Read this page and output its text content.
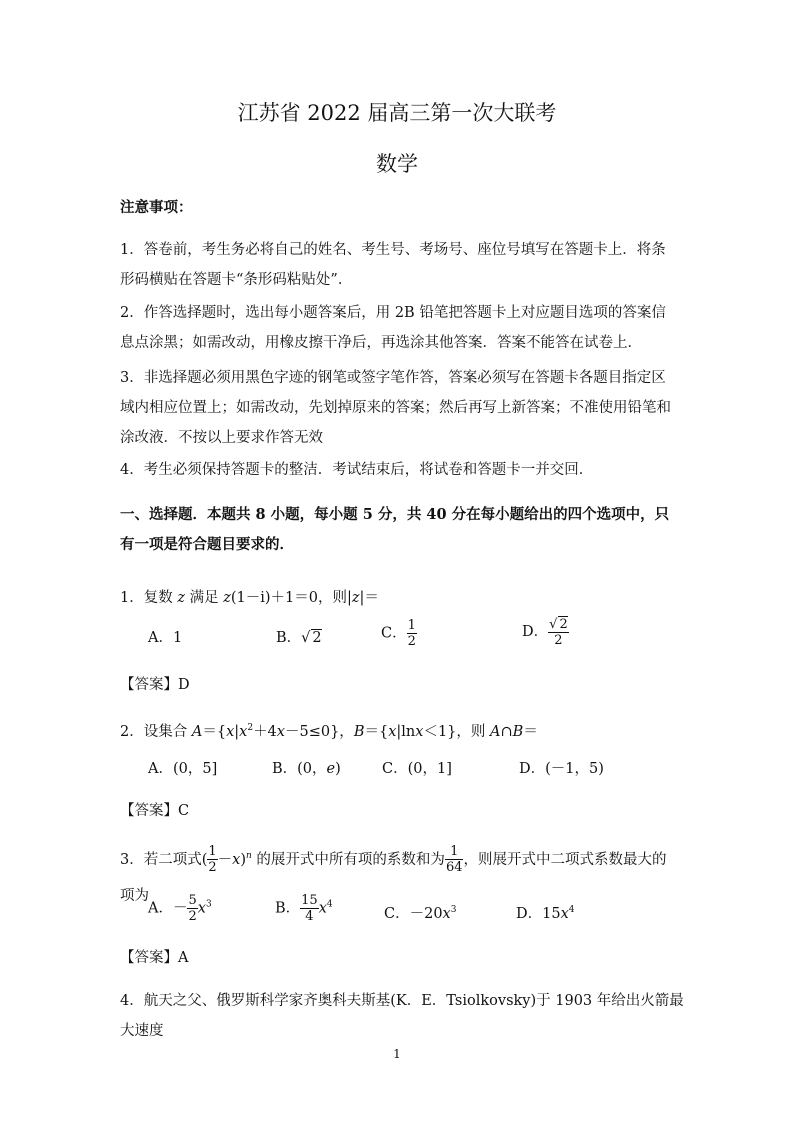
江苏省 2022 届高三第一次大联考
数学
注意事项：
1．答卷前，考生务必将自己的姓名、考生号、考场号、座位号填写在答题卡上．将条形码横贴在答题卡“条形码粘贴处”．
2．作答选择题时，选出每小题答案后，用 2B 铅笔把答题卡上对应题目选项的答案信息点涂黑；如需改动，用橡皮擦干净后，再选涂其他答案．答案不能答在试卷上．
3．非选择题必须用黑色字迹的钢笔或签字笔作答，答案必须写在答题卡各题目指定区域内相应位置上；如需改动，先划掉原来的答案；然后再写上新答案；不准使用铅笔和涂改液．不按以上要求作答无效
4．考生必须保持答题卡的整洁．考试结束后，将试卷和答题卡一并交回．
一、选择题．本题共 8 小题，每小题 5 分，共 40 分在每小题给出的四个选项中，只有一项是符合题目要求的．
1．复数 z 满足 z(1－i)＋1＝0，则|z|＝
A．1	B． √ 2	C． $\frac{1}{2}$	D． √ $\frac{2}{2}$
【答案】D
2．设集合 $A=\{x|x^2+4x-5\le 0\}$，B＝{x|lnx＜1}，则 A∩B＝
A．(0，5]	B．(0，e)	C．(0，1]	D．(－1，5)
【答案】C
3．若二项式( $\frac{1}{2} -x)^n$ 的展开式中所有项的系数和为 $\frac{1}{64}$ ，则展开式中二项式系数最大的项为
A．－ $\frac{5}{2} x^3$	B． $\frac{15}{4} x^4$
C．$-20x^3$	D．$15x^4$
【答案】A
4．航天之父、俄罗斯科学家齐奥科夫斯基(K．E．Tsiolkovsky)于 1903 年给出火箭最大速度
1
